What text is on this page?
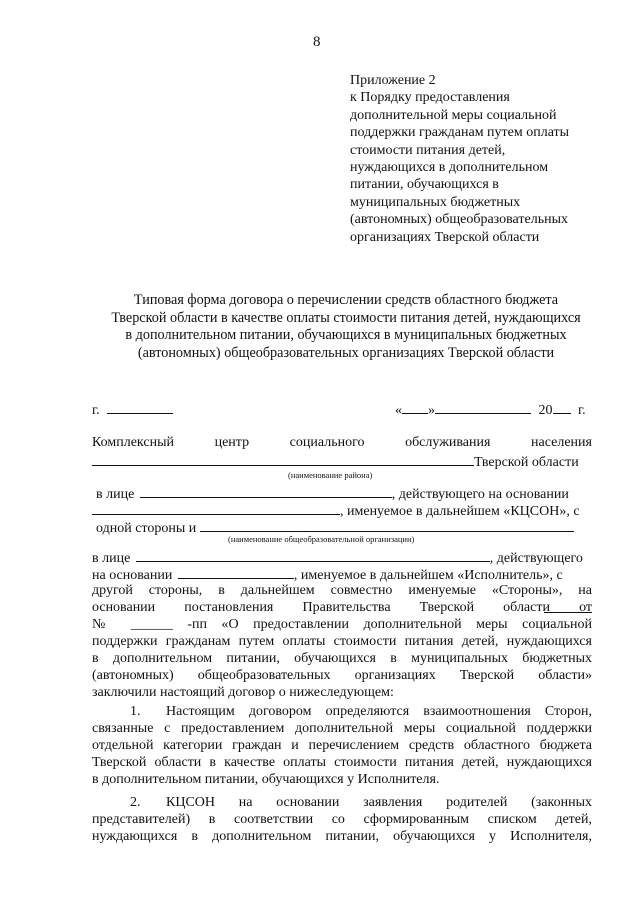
8
Приложение 2
к Порядку предоставления
дополнительной меры социальной
поддержки гражданам путем оплаты
стоимости питания детей,
нуждающихся в дополнительном
питании, обучающихся в
муниципальных бюджетных
(автономных) общеобразовательных
организациях Тверской области
Типовая форма договора о перечислении средств областного бюджета
Тверской области в качестве оплаты стоимости питания детей, нуждающихся
в дополнительном питании, обучающихся в муниципальных бюджетных
(автономных) общеобразовательных организациях Тверской области
г.	« »	20 г.
Комплексный	центр	социального	обслуживания	населения
Тверской области
(наименование района)
в лице	, действующего на основании
, именуемое в дальнейшем «КЦСОН», с
одной стороны и
(наименование общеобразовательной организации)
в лице	, действующего
на основании	, именуемое в дальнейшем «Исполнитель», с
другой стороны, в дальнейшем совместно именуемые «Стороны», на
основании постановления Правительства Тверской области от
№ ______ -пп «О предоставлении дополнительной меры социальной
поддержки гражданам путем оплаты стоимости питания детей, нуждающихся
в дополнительном питании, обучающихся в муниципальных бюджетных
(автономных) общеобразовательных организациях Тверской области»
заключили настоящий договор о нижеследующем:
1. Настоящим договором определяются взаимоотношения Сторон,
связанные с предоставлением дополнительной меры социальной поддержки
отдельной категории граждан и перечислением средств областного бюджета
Тверской области в качестве оплаты стоимости питания детей, нуждающихся
в дополнительном питании, обучающихся у Исполнителя.
2. КЦСОН на основании заявления родителей (законных
представителей) в соответствии со сформированным списком детей,
нуждающихся в дополнительном питании, обучающихся у Исполнителя,
